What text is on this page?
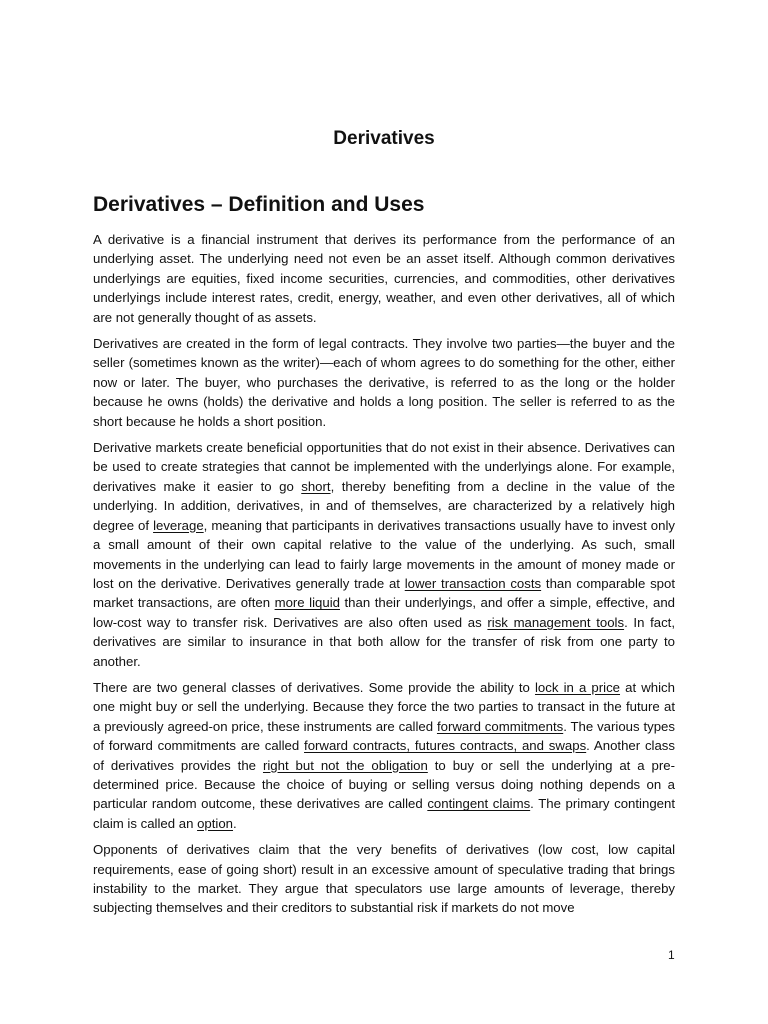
Derivatives
Derivatives – Definition and Uses

A derivative is a financial instrument that derives its performance from the performance of an underlying asset. The underlying need not even be an asset itself. Although common derivatives underlyings are equities, fixed income securities, currencies, and commodities, other derivatives underlyings include interest rates, credit, energy, weather, and even other derivatives, all of which are not generally thought of as assets.

Derivatives are created in the form of legal contracts. They involve two parties—the buyer and the seller (sometimes known as the writer)—each of whom agrees to do something for the other, either now or later. The buyer, who purchases the derivative, is referred to as the long or the holder because he owns (holds) the derivative and holds a long position. The seller is referred to as the short because he holds a short position.

Derivative markets create beneficial opportunities that do not exist in their absence. Derivatives can be used to create strategies that cannot be implemented with the underlyings alone. For example, derivatives make it easier to go short, thereby benefiting from a decline in the value of the underlying. In addition, derivatives, in and of themselves, are characterized by a relatively high degree of leverage, meaning that participants in derivatives transactions usually have to invest only a small amount of their own capital relative to the value of the underlying. As such, small movements in the underlying can lead to fairly large movements in the amount of money made or lost on the derivative. Derivatives generally trade at lower transaction costs than comparable spot market transactions, are often more liquid than their underlyings, and offer a simple, effective, and low-cost way to transfer risk. Derivatives are also often used as risk management tools. In fact, derivatives are similar to insurance in that both allow for the transfer of risk from one party to another.

There are two general classes of derivatives. Some provide the ability to lock in a price at which one might buy or sell the underlying. Because they force the two parties to transact in the future at a previously agreed-on price, these instruments are called forward commitments. The various types of forward commitments are called forward contracts, futures contracts, and swaps. Another class of derivatives provides the right but not the obligation to buy or sell the underlying at a pre-determined price. Because the choice of buying or selling versus doing nothing depends on a particular random outcome, these derivatives are called contingent claims. The primary contingent claim is called an option.

Opponents of derivatives claim that the very benefits of derivatives (low cost, low capital requirements, ease of going short) result in an excessive amount of speculative trading that brings instability to the market. They argue that speculators use large amounts of leverage, thereby subjecting themselves and their creditors to substantial risk if markets do not move

1
